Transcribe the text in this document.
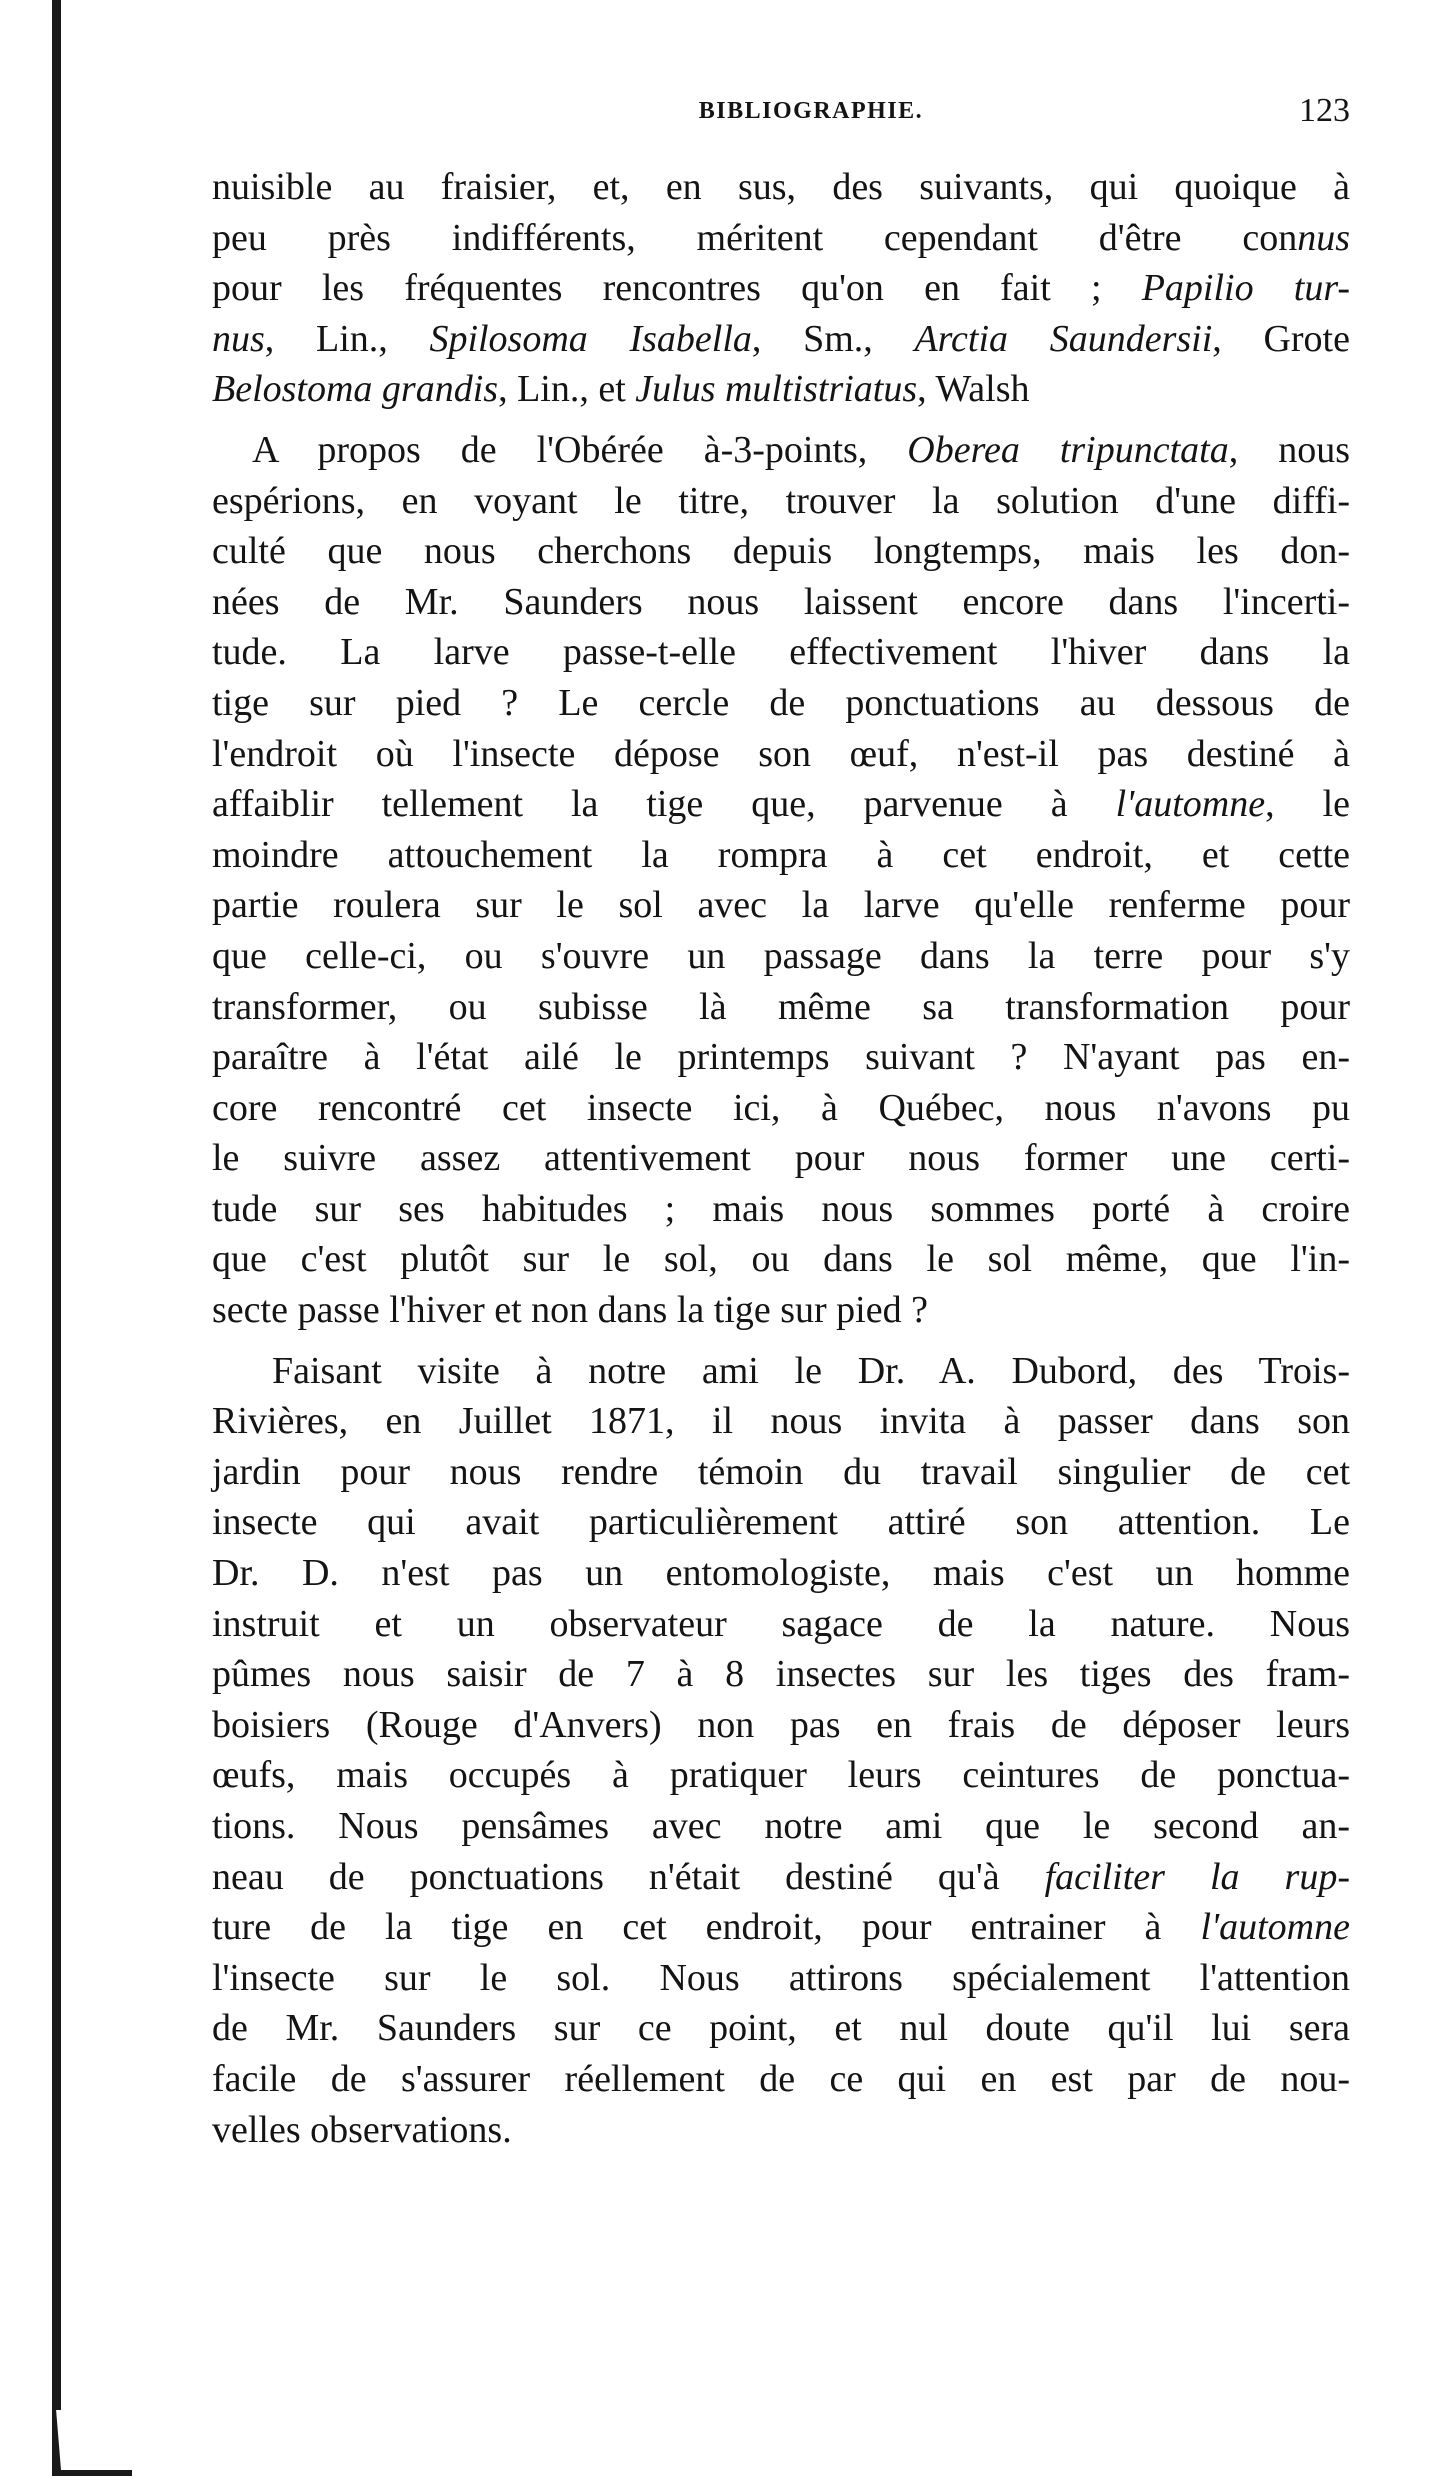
BIBLIOGRAPHIE.	123
nuisible au fraisier, et, en sus, des suivants, qui quoique à
peu près indifférents, méritent cependant d'être connus
pour les fréquentes rencontres qu'on en fait ; Papilio tur-
nus, Lin., Spilosoma Isabella, Sm., Arctia Saundersii, Grote
Belostoma grandis, Lin., et Julus multistriatus, Walsh
A propos de l'Obérée à-3-points, Oberea tripunctata, nous
espérions, en voyant le titre, trouver la solution d'une diffi-
culté que nous cherchons depuis longtemps, mais les don-
nées de Mr. Saunders nous laissent encore dans l'incerti-
tude. La larve passe-t-elle effectivement l'hiver dans la
tige sur pied ? Le cercle de ponctuations au dessous de
l'endroit où l'insecte dépose son œuf, n'est-il pas destiné à
affaiblir tellement la tige que, parvenue à l'automne, le
moindre attouchement la rompra à cet endroit, et cette
partie roulera sur le sol avec la larve qu'elle renferme pour
que celle-ci, ou s'ouvre un passage dans la terre pour s'y
transformer, ou subisse là même sa transformation pour
paraître à l'état ailé le printemps suivant ? N'ayant pas en-
core rencontré cet insecte ici, à Québec, nous n'avons pu
le suivre assez attentivement pour nous former une certi-
tude sur ses habitudes ; mais nous sommes porté à croire
que c'est plutôt sur le sol, ou dans le sol même, que l'in-
secte passe l'hiver et non dans la tige sur pied ?
Faisant visite à notre ami le Dr. A. Dubord, des Trois-
Rivières, en Juillet 1871, il nous invita à passer dans son
jardin pour nous rendre témoin du travail singulier de cet
insecte qui avait particulièrement attiré son attention. Le
Dr. D. n'est pas un entomologiste, mais c'est un homme
instruit et un observateur sagace de la nature. Nous
pûmes nous saisir de 7 à 8 insectes sur les tiges des fram-
boisiers (Rouge d'Anvers) non pas en frais de déposer leurs
œufs, mais occupés à pratiquer leurs ceintures de ponctua-
tions. Nous pensâmes avec notre ami que le second an-
neau de ponctuations n'était destiné qu'à faciliter la rup-
ture de la tige en cet endroit, pour entrainer à l'automne
l'insecte sur le sol. Nous attirons spécialement l'attention
de Mr. Saunders sur ce point, et nul doute qu'il lui sera
facile de s'assurer réellement de ce qui en est par de nou-
velles observations.
